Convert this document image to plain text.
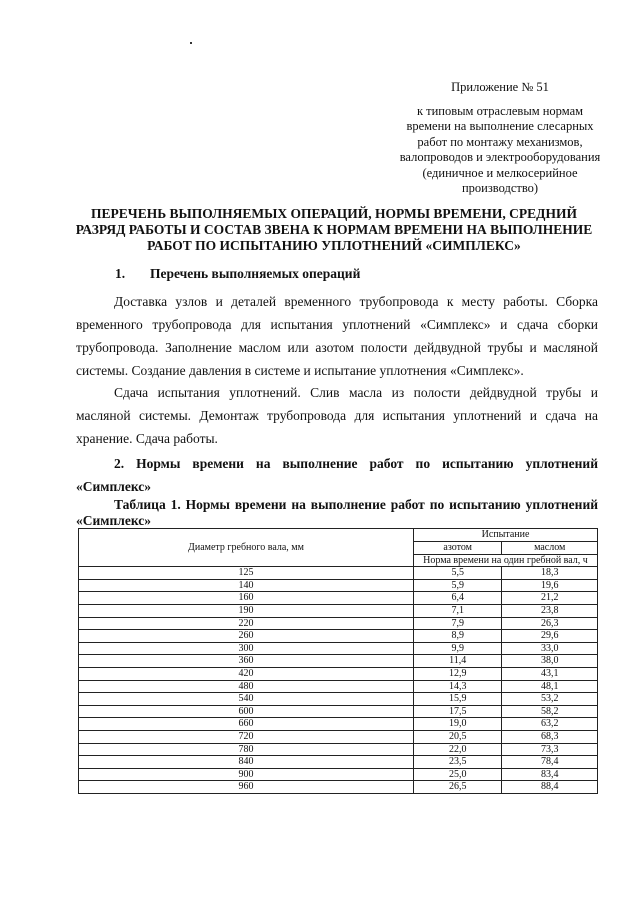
Приложение № 51
к типовым отраслевым нормам
времени на выполнение слесарных
работ по монтажу механизмов,
валопроводов и электрооборудования
(единичное и мелкосерийное
производство)
ПЕРЕЧЕНЬ ВЫПОЛНЯЕМЫХ ОПЕРАЦИЙ, НОРМЫ ВРЕМЕНИ, СРЕДНИЙ
РАЗРЯД РАБОТЫ И СОСТАВ ЗВЕНА К НОРМАМ ВРЕМЕНИ НА ВЫПОЛНЕНИЕ
РАБОТ ПО ИСПЫТАНИЮ УПЛОТНЕНИЙ «СИМПЛЕКС»
1. Перечень выполняемых операций
Доставка узлов и деталей временного трубопровода к месту работы. Сборка временного трубопровода для испытания уплотнений «Симплекс» и сдача сборки трубопровода. Заполнение маслом или азотом полости дейдвудной трубы и масляной системы. Создание давления в системе и испытание уплотнения «Симплекс».
Сдача испытания уплотнений. Слив масла из полости дейдвудной трубы и масляной системы. Демонтаж трубопровода для испытания уплотнений и сдача на хранение. Сдача работы.
2. Нормы времени на выполнение работ по испытанию уплотнений «Симплекс»
Таблица 1. Нормы времени на выполнение работ по испытанию уплотнений «Симплекс»
Диаметр гребного вала, мм	Испытание	
	азотом	маслом
	Норма времени на один гребной вал, ч	
125	5,5	18,3
140	5,9	19,6
160	6,4	21,2
190	7,1	23,8
220	7,9	26,3
260	8,9	29,6
300	9,9	33,0
360	11,4	38,0
420	12,9	43,1
480	14,3	48,1
540	15,9	53,2
600	17,5	58,2
660	19,0	63,2
720	20,5	68,3
780	22,0	73,3
840	23,5	78,4
900	25,0	83,4
960	26,5	88,4
